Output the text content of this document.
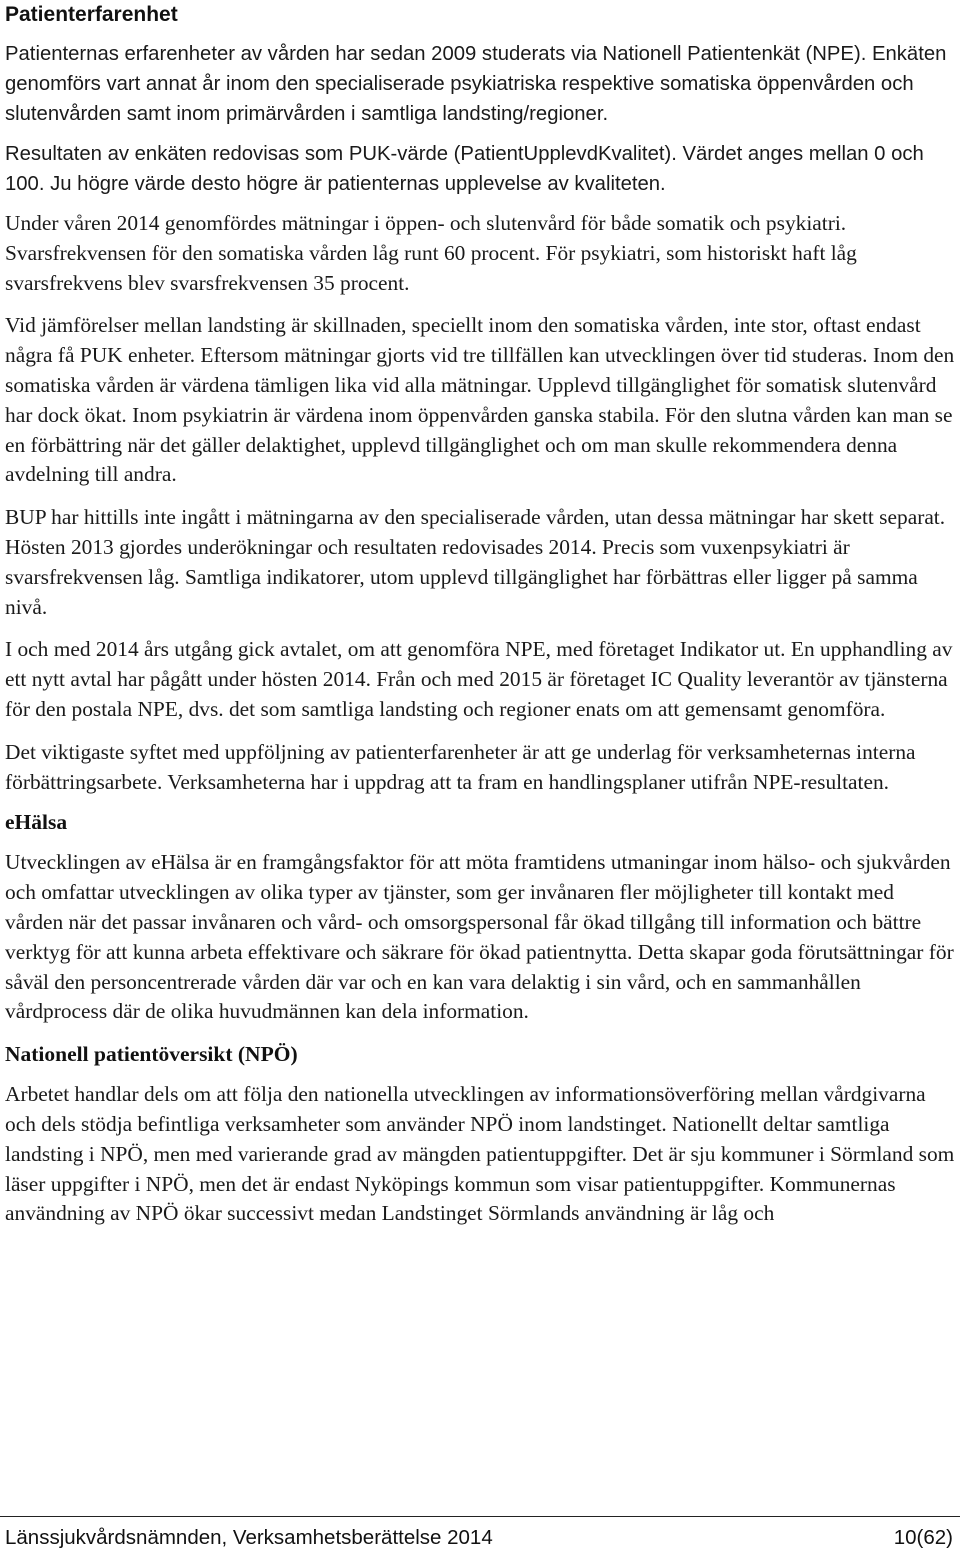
Patienterfarenhet

Patienternas erfarenheter av vården har sedan 2009 studerats via Nationell Patientenkät (NPE). Enkäten genomförs vart annat år inom den specialiserade psykiatriska respektive somatiska öppenvården och slutenvården samt inom primärvården i samtliga landsting/regioner.

Resultaten av enkäten redovisas som PUK-värde (PatientUpplevdKvalitet). Värdet anges mellan 0 och 100. Ju högre värde desto högre är patienternas upplevelse av kvaliteten.

Under våren 2014 genomfördes mätningar i öppen- och slutenvård för både somatik och psykiatri. Svarsfrekvensen för den somatiska vården låg runt 60 procent. För psykiatri, som historiskt haft låg svarsfrekvens blev svarsfrekvensen 35 procent.

Vid jämförelser mellan landsting är skillnaden, speciellt inom den somatiska vården, inte stor, oftast endast några få PUK enheter. Eftersom mätningar gjorts vid tre tillfällen kan utvecklingen över tid studeras. Inom den somatiska vården är värdena tämligen lika vid alla mätningar. Upplevd tillgänglighet för somatisk slutenvård har dock ökat. Inom psykiatrin är värdena inom öppenvården ganska stabila. För den slutna vården kan man se en förbättring när det gäller delaktighet, upplevd tillgänglighet och om man skulle rekommendera denna avdelning till andra.

BUP har hittills inte ingått i mätningarna av den specialiserade vården, utan dessa mätningar har skett separat. Hösten 2013 gjordes underökningar och resultaten redovisades 2014. Precis som vuxenpsykiatri är svarsfrekvensen låg. Samtliga indikatorer, utom upplevd tillgänglighet har förbättras eller ligger på samma nivå.

I och med 2014 års utgång gick avtalet, om att genomföra NPE, med företaget Indikator ut. En upphandling av ett nytt avtal har pågått under hösten 2014. Från och med 2015 är företaget IC Quality leverantör av tjänsterna för den postala NPE, dvs. det som samtliga landsting och regioner enats om att gemensamt genomföra.

Det viktigaste syftet med uppföljning av patienterfarenheter är att ge underlag för verksamheternas interna förbättringsarbete. Verksamheterna har i uppdrag att ta fram en handlingsplaner utifrån NPE-resultaten.

eHälsa

Utvecklingen av eHälsa är en framgångsfaktor för att möta framtidens utmaningar inom hälso- och sjukvården och omfattar utvecklingen av olika typer av tjänster, som ger invånaren fler möjligheter till kontakt med vården när det passar invånaren och vård- och omsorgspersonal får ökad tillgång till information och bättre verktyg för att kunna arbeta effektivare och säkrare för ökad patientnytta. Detta skapar goda förutsättningar för såväl den personcentrerade vården där var och en kan vara delaktig i sin vård, och en sammanhållen vårdprocess där de olika huvudmännen kan dela information.

Nationell patientöversikt (NPÖ)

Arbetet handlar dels om att följa den nationella utvecklingen av informationsöverföring mellan vårdgivarna och dels stödja befintliga verksamheter som använder NPÖ inom landstinget. Nationellt deltar samtliga landsting i NPÖ, men med varierande grad av mängden patientuppgifter. Det är sju kommuner i Sörmland som läser uppgifter i NPÖ, men det är endast Nyköpings kommun som visar patientuppgifter. Kommunernas användning av NPÖ ökar successivt medan Landstinget Sörmlands användning är låg och

Länssjukvårdsnämnden, Verksamhetsberättelse 2014	10(62)
